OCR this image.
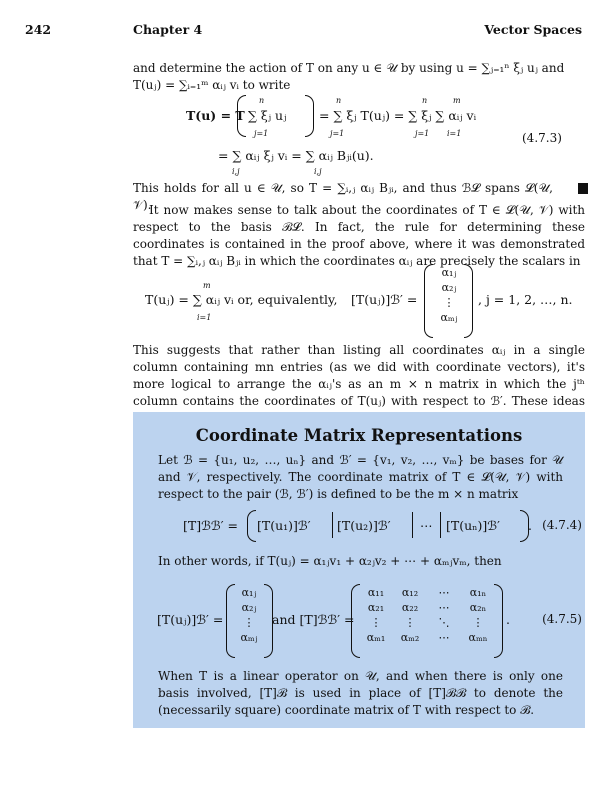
242	Chapter 4	Vector Spaces
and determine the action of T on any u ∈ 𝒰 by using u = ∑ⱼ₌₁ⁿ ξⱼ uⱼ and
T(uⱼ) = ∑ᵢ₌₁ᵐ αᵢⱼ vᵢ to write
T(u) = T
n
∑ ξⱼ uⱼ
j=1
= ∑ ξⱼ T(uⱼ) = ∑ ξⱼ ∑ αᵢⱼ vᵢ
n
j=1
n
j=1
m
i=1	(4.7.3)
= ∑ αᵢⱼ ξⱼ vᵢ = ∑ αᵢⱼ Bⱼᵢ(u).
i,j	i,j
This holds for all u ∈ 𝒰, so T = ∑ᵢ,ⱼ αᵢⱼ Bⱼᵢ, and thus ℬ𝓛 spans 𝓛(𝒰, 𝒱).
It now makes sense to talk about the coordinates of T ∈ 𝓛(𝒰, 𝒱) with respect to the basis ℬ𝓛. In fact, the rule for determining these coordinates is contained in the proof above, where it was demonstrated that T = ∑ᵢ,ⱼ αᵢⱼ Bⱼᵢ in which the coordinates αᵢⱼ are precisely the scalars in
T(uⱼ) = ∑ αᵢⱼ vᵢ or, equivalently,
m
i=1
[T(uⱼ)]ℬ′ =
α₁ⱼ
α₂ⱼ
⋮
αₘⱼ
, j = 1, 2, …, n.
This suggests that rather than listing all coordinates αᵢⱼ in a single column containing mn entries (as we did with coordinate vectors), it's more logical to arrange the αᵢⱼ's as an m × n matrix in which the jᵗʰ column contains the coordinates of T(uⱼ) with respect to ℬ′. These ideas
Coordinate Matrix Representations
Let ℬ = {u₁, u₂, …, uₙ} and ℬ′ = {v₁, v₂, …, vₘ} be bases for 𝒰 and 𝒱, respectively. The coordinate matrix of T ∈ 𝓛(𝒰, 𝒱) with respect to the pair (ℬ, ℬ′) is defined to be the m × n matrix
[T]ℬℬ′ = [T(u₁)]ℬ′ [T(u₂)]ℬ′ ⋯ [T(uₙ)]ℬ′ . (4.7.4)
In other words, if T(uⱼ) = α₁ⱼv₁ + α₂ⱼv₂ + ⋯ + αₘⱼvₘ, then
[T(uⱼ)]ℬ′ =
α₁ⱼ
α₂ⱼ
⋮
αₘⱼ
and [T]ℬℬ′ =
α₁₁	α₁₂	⋯	α₁ₙ
α₂₁	α₂₂	⋯	α₂ₙ
⋮	⋮	⋱	⋮
αₘ₁	αₘ₂	⋯	αₘₙ
.	(4.7.5)
When T is a linear operator on 𝒰, and when there is only one basis involved, [T]ℬ is used in place of [T]ℬℬ to denote the (necessarily square) coordinate matrix of T with respect to ℬ.
